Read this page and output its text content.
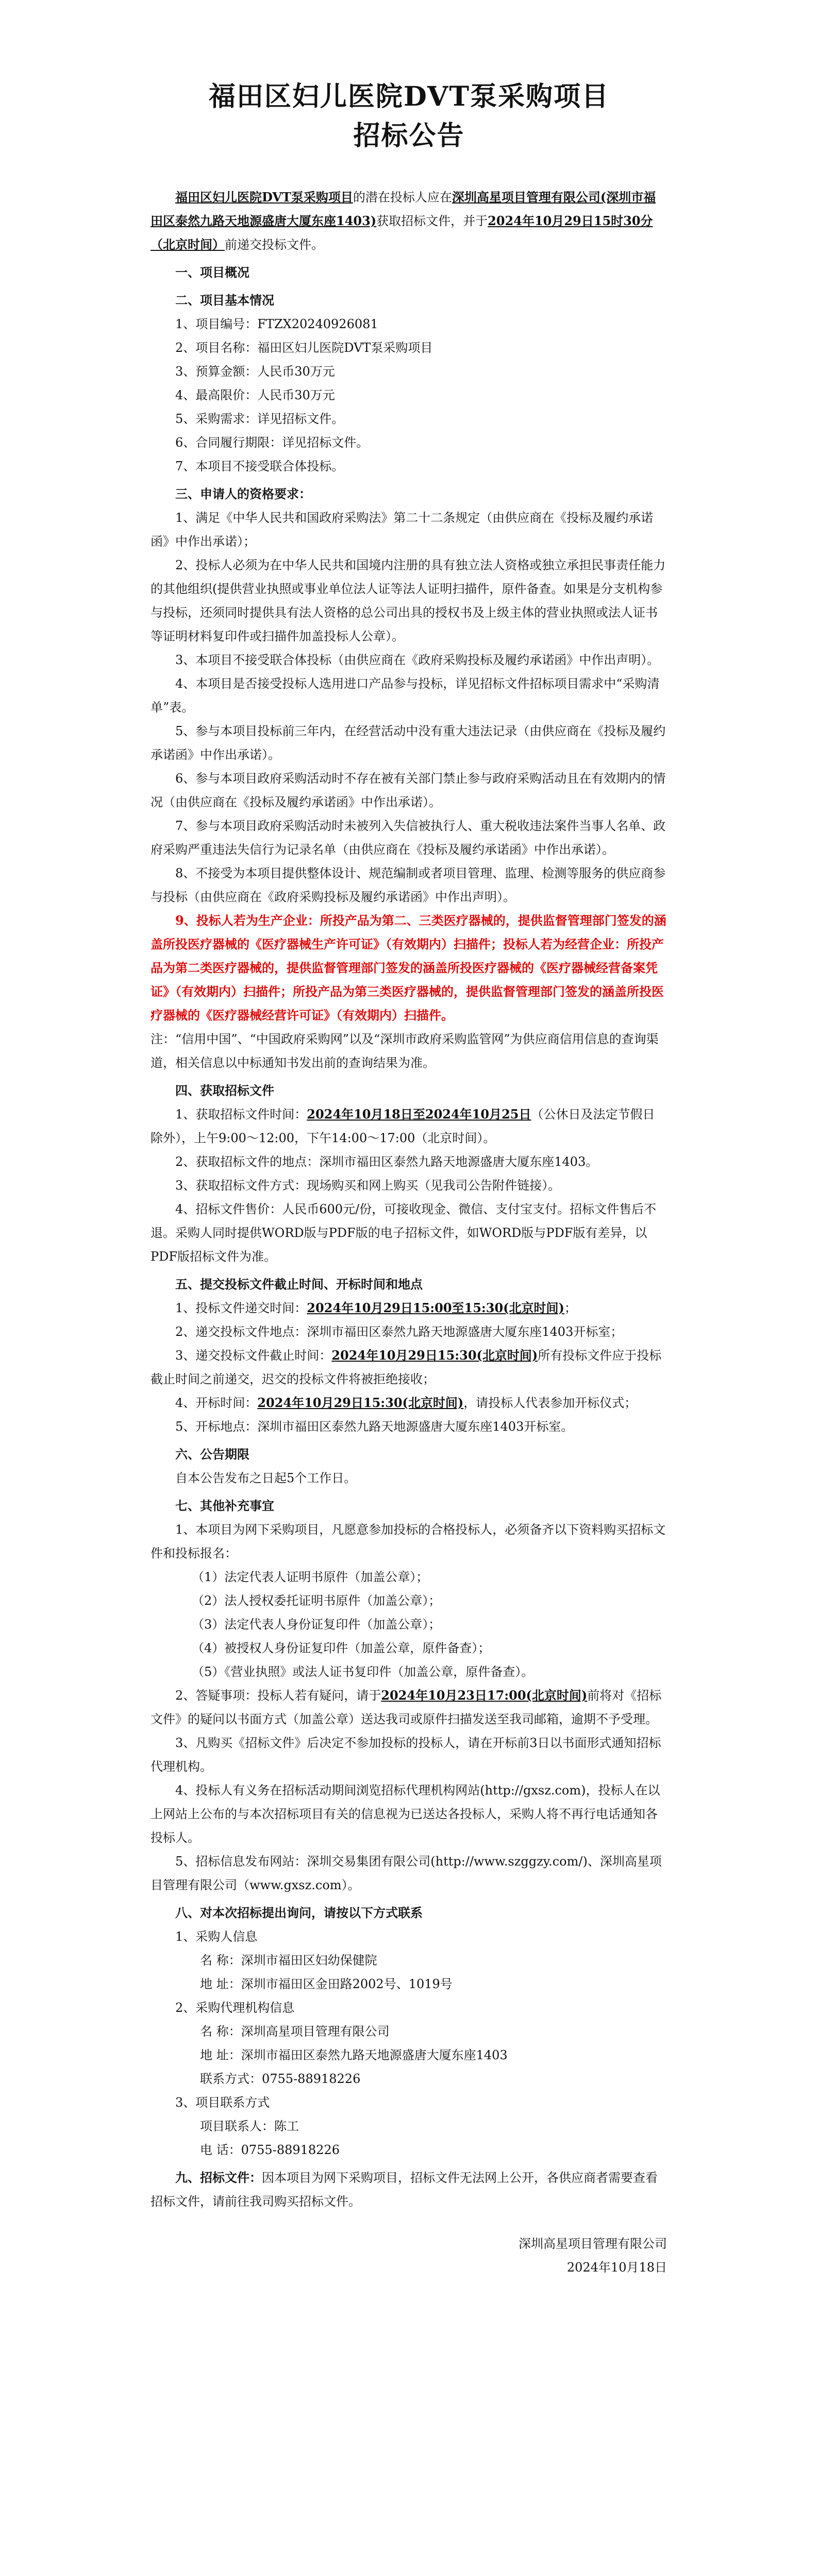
福田区妇儿医院DVT泵采购项目
招标公告

福田区妇儿医院DVT泵采购项目的潜在投标人应在深圳高星项目管理有限公司(深圳市福田区泰然九路天地源盛唐大厦东座1403)获取招标文件，并于2024年10月29日15时30分（北京时间）前递交投标文件。

一、项目概况

二、项目基本情况

1、项目编号：FTZX20240926081

2、项目名称：福田区妇儿医院DVT泵采购项目

3、预算金额：人民币30万元

4、最高限价：人民币30万元

5、采购需求：详见招标文件。

6、合同履行期限：详见招标文件。

7、本项目不接受联合体投标。

三、申请人的资格要求：

1、满足《中华人民共和国政府采购法》第二十二条规定（由供应商在《投标及履约承诺函》中作出承诺）；

2、投标人必须为在中华人民共和国境内注册的具有独立法人资格或独立承担民事责任能力的其他组织(提供营业执照或事业单位法人证等法人证明扫描件，原件备查。如果是分支机构参与投标，还须同时提供具有法人资格的总公司出具的授权书及上级主体的营业执照或法人证书等证明材料复印件或扫描件加盖投标人公章）。

3、本项目不接受联合体投标（由供应商在《政府采购投标及履约承诺函》中作出声明）。

4、本项目是否接受投标人选用进口产品参与投标，详见招标文件招标项目需求中“采购清单”表。

5、参与本项目投标前三年内，在经营活动中没有重大违法记录（由供应商在《投标及履约承诺函》中作出承诺）。

6、参与本项目政府采购活动时不存在被有关部门禁止参与政府采购活动且在有效期内的情况（由供应商在《投标及履约承诺函》中作出承诺）。

7、参与本项目政府采购活动时未被列入失信被执行人、重大税收违法案件当事人名单、政府采购严重违法失信行为记录名单（由供应商在《投标及履约承诺函》中作出承诺）。

8、不接受为本项目提供整体设计、规范编制或者项目管理、监理、检测等服务的供应商参与投标（由供应商在《政府采购投标及履约承诺函》中作出声明）。

9、投标人若为生产企业：所投产品为第二、三类医疗器械的，提供监督管理部门签发的涵盖所投医疗器械的《医疗器械生产许可证》（有效期内）扫描件；投标人若为经营企业：所投产品为第二类医疗器械的，提供监督管理部门签发的涵盖所投医疗器械的《医疗器械经营备案凭证》（有效期内）扫描件；所投产品为第三类医疗器械的，提供监督管理部门签发的涵盖所投医疗器械的《医疗器械经营许可证》（有效期内）扫描件。

注：“信用中国”、“中国政府采购网”以及“深圳市政府采购监管网”为供应商信用信息的查询渠道，相关信息以中标通知书发出前的查询结果为准。

四、获取招标文件

1、获取招标文件时间：2024年10月18日至2024年10月25日（公休日及法定节假日除外），上午9:00～12:00，下午14:00～17:00（北京时间）。

2、获取招标文件的地点：深圳市福田区泰然九路天地源盛唐大厦东座1403。

3、获取招标文件方式：现场购买和网上购买（见我司公告附件链接）。

4、招标文件售价：人民币600元/份，可接收现金、微信、支付宝支付。招标文件售后不退。采购人同时提供WORD版与PDF版的电子招标文件，如WORD版与PDF版有差异，以PDF版招标文件为准。

五、提交投标文件截止时间、开标时间和地点

1、投标文件递交时间：2024年10月29日15:00至15:30(北京时间)；

2、递交投标文件地点：深圳市福田区泰然九路天地源盛唐大厦东座1403开标室；

3、递交投标文件截止时间：2024年10月29日15:30(北京时间)所有投标文件应于投标截止时间之前递交，迟交的投标文件将被拒绝接收；

4、开标时间：2024年10月29日15:30(北京时间)，请投标人代表参加开标仪式；

5、开标地点：深圳市福田区泰然九路天地源盛唐大厦东座1403开标室。

六、公告期限

自本公告发布之日起5个工作日。

七、其他补充事宜

1、本项目为网下采购项目，凡愿意参加投标的合格投标人，必须备齐以下资料购买招标文件和投标报名：

（1）法定代表人证明书原件（加盖公章）；

（2）法人授权委托证明书原件（加盖公章）；

（3）法定代表人身份证复印件（加盖公章）；

（4）被授权人身份证复印件（加盖公章，原件备查）；

（5）《营业执照》或法人证书复印件（加盖公章，原件备查）。

2、答疑事项：投标人若有疑问，请于2024年10月23日17:00(北京时间)前将对《招标文件》的疑问以书面方式（加盖公章）送达我司或原件扫描发送至我司邮箱，逾期不予受理。

3、凡购买《招标文件》后决定不参加投标的投标人，请在开标前3日以书面形式通知招标代理机构。

4、投标人有义务在招标活动期间浏览招标代理机构网站(http://gxsz.com)，投标人在以上网站上公布的与本次招标项目有关的信息视为已送达各投标人，采购人将不再行电话通知各投标人。

5、招标信息发布网站：深圳交易集团有限公司(http://www.szggzy.com/)、深圳高星项目管理有限公司（www.gxsz.com）。

八、对本次招标提出询问，请按以下方式联系

1、采购人信息

名 称：深圳市福田区妇幼保健院

地 址：深圳市福田区金田路2002号、1019号

2、采购代理机构信息

名 称：深圳高星项目管理有限公司

地 址：深圳市福田区泰然九路天地源盛唐大厦东座1403

联系方式：0755-88918226

3、项目联系方式

项目联系人：陈工

电 话：0755-88918226

九、招标文件：因本项目为网下采购项目，招标文件无法网上公开，各供应商者需要查看招标文件，请前往我司购买招标文件。

深圳高星项目管理有限公司

2024年10月18日
